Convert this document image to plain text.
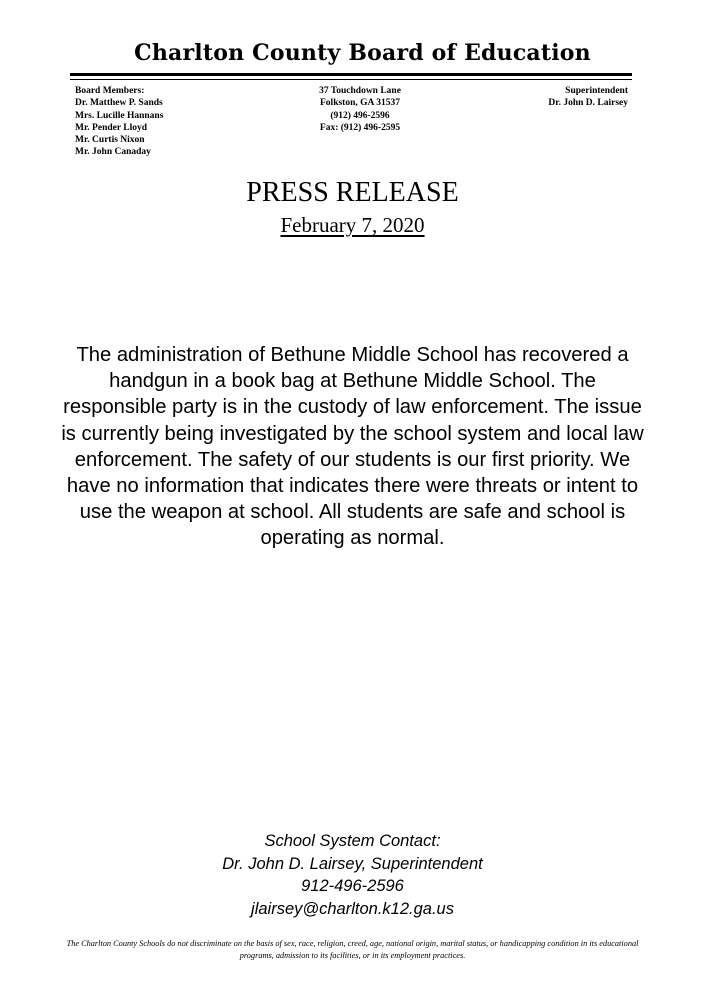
Charlton County Board of Education
Board Members:
Dr. Matthew P. Sands
Mrs. Lucille Hannans
Mr. Pender Lloyd
Mr. Curtis Nixon
Mr. John Canaday
37 Touchdown Lane
Folkston, GA 31537
(912) 496-2596
Fax: (912) 496-2595
Superintendent
Dr. John D. Lairsey
PRESS RELEASE
February 7, 2020

The administration of Bethune Middle School has recovered a handgun in a book bag at Bethune Middle School. The responsible party is in the custody of law enforcement. The issue is currently being investigated by the school system and local law enforcement. The safety of our students is our first priority. We have no information that indicates there were threats or intent to use the weapon at school. All students are safe and school is operating as normal.

School System Contact:
Dr. John D. Lairsey, Superintendent
912-496-2596
jlairsey@charlton.k12.ga.us

The Charlton County Schools do not discriminate on the basis of sex, race, religion, creed, age, national origin, marital status, or handicapping condition in its educational programs, admission to its facilities, or in its employment practices.
